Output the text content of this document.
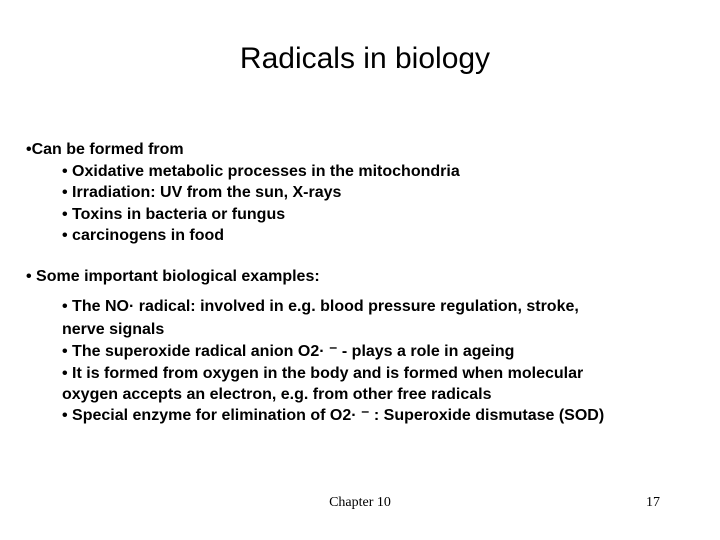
Radicals in biology
•Can be formed from
• Oxidative metabolic processes in the mitochondria
• Irradiation: UV from the sun, X-rays
• Toxins in bacteria or fungus
• carcinogens in food
• Some important biological examples:
• The NO· radical: involved in e.g. blood pressure regulation, stroke,
nerve signals
• The superoxide radical anion O2· ⁻ - plays a role in ageing
• It is formed from oxygen in the body and is formed when molecular
oxygen accepts an electron, e.g. from other free radicals
• Special enzyme for elimination of O2· ⁻ : Superoxide dismutase (SOD)
Chapter 10	17
